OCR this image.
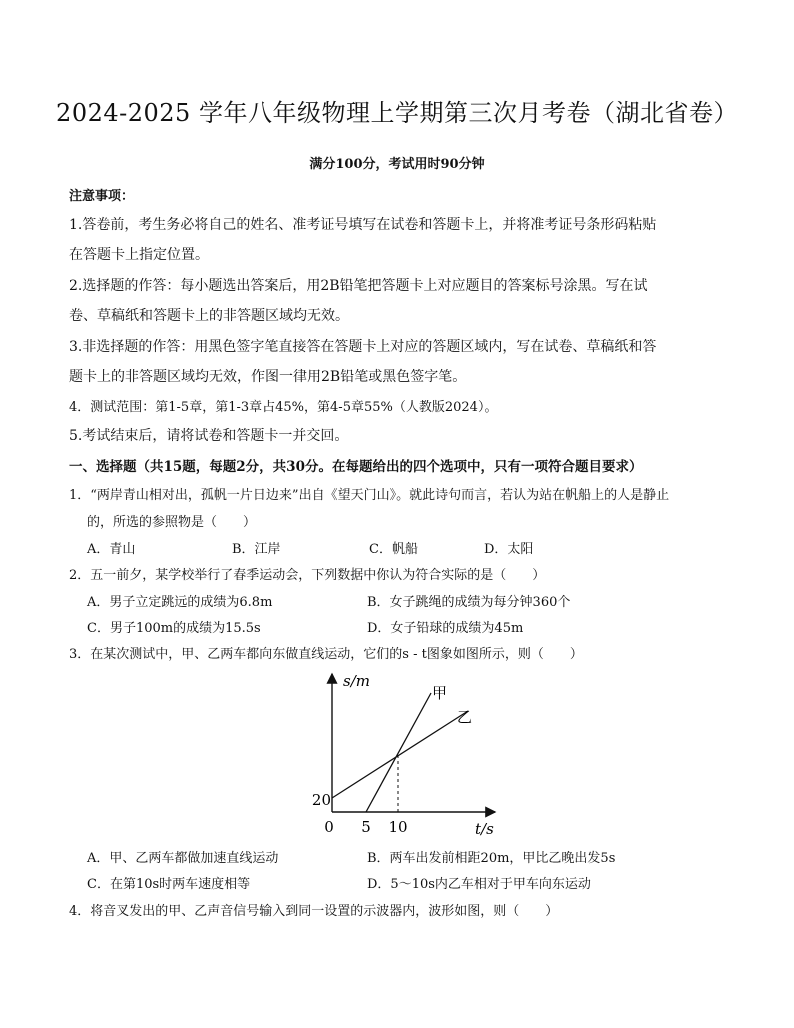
2024-2025 学年八年级物理上学期第三次月考卷（湖北省卷）
满分100分，考试用时90分钟
注意事项：
1.答卷前，考生务必将自己的姓名、准考证号填写在试卷和答题卡上，并将准考证号条形码粘贴
在答题卡上指定位置。
2.选择题的作答：每小题选出答案后，用2B铅笔把答题卡上对应题目的答案标号涂黑。写在试
卷、草稿纸和答题卡上的非答题区域均无效。
3.非选择题的作答：用黑色签字笔直接答在答题卡上对应的答题区域内，写在试卷、草稿纸和答
题卡上的非答题区域均无效，作图一律用2B铅笔或黑色签字笔。
4．测试范围：第1-5章，第1-3章占45%，第4-5章55%（人教版2024）。
5.考试结束后，请将试卷和答题卡一并交回。
一、选择题（共15题，每题2分，共30分。在每题给出的四个选项中，只有一项符合题目要求）
1．“两岸青山相对出，孤帆一片日边来”出自《望天门山》。就此诗句而言，若认为站在帆船上的人是静止
的，所选的参照物是（　　）
A．青山	B．江岸	C．帆船	D．太阳
2．五一前夕，某学校举行了春季运动会，下列数据中你认为符合实际的是（　　）
A．男子立定跳远的成绩为6.8m	B．女子跳绳的成绩为每分钟360个
C．男子100m的成绩为15.5s	D．女子铅球的成绩为45m
3．在某次测试中，甲、乙两车都向东做直线运动，它们的s - t图象如图所示，则（　　）
s/m
t/s
0
20
5 10
甲
乙
A．甲、乙两车都做加速直线运动	B．两车出发前相距20m，甲比乙晚出发5s
C．在第10s时两车速度相等	D．5～10s内乙车相对于甲车向东运动
4．将音叉发出的甲、乙声音信号输入到同一设置的示波器内，波形如图，则（　　）
